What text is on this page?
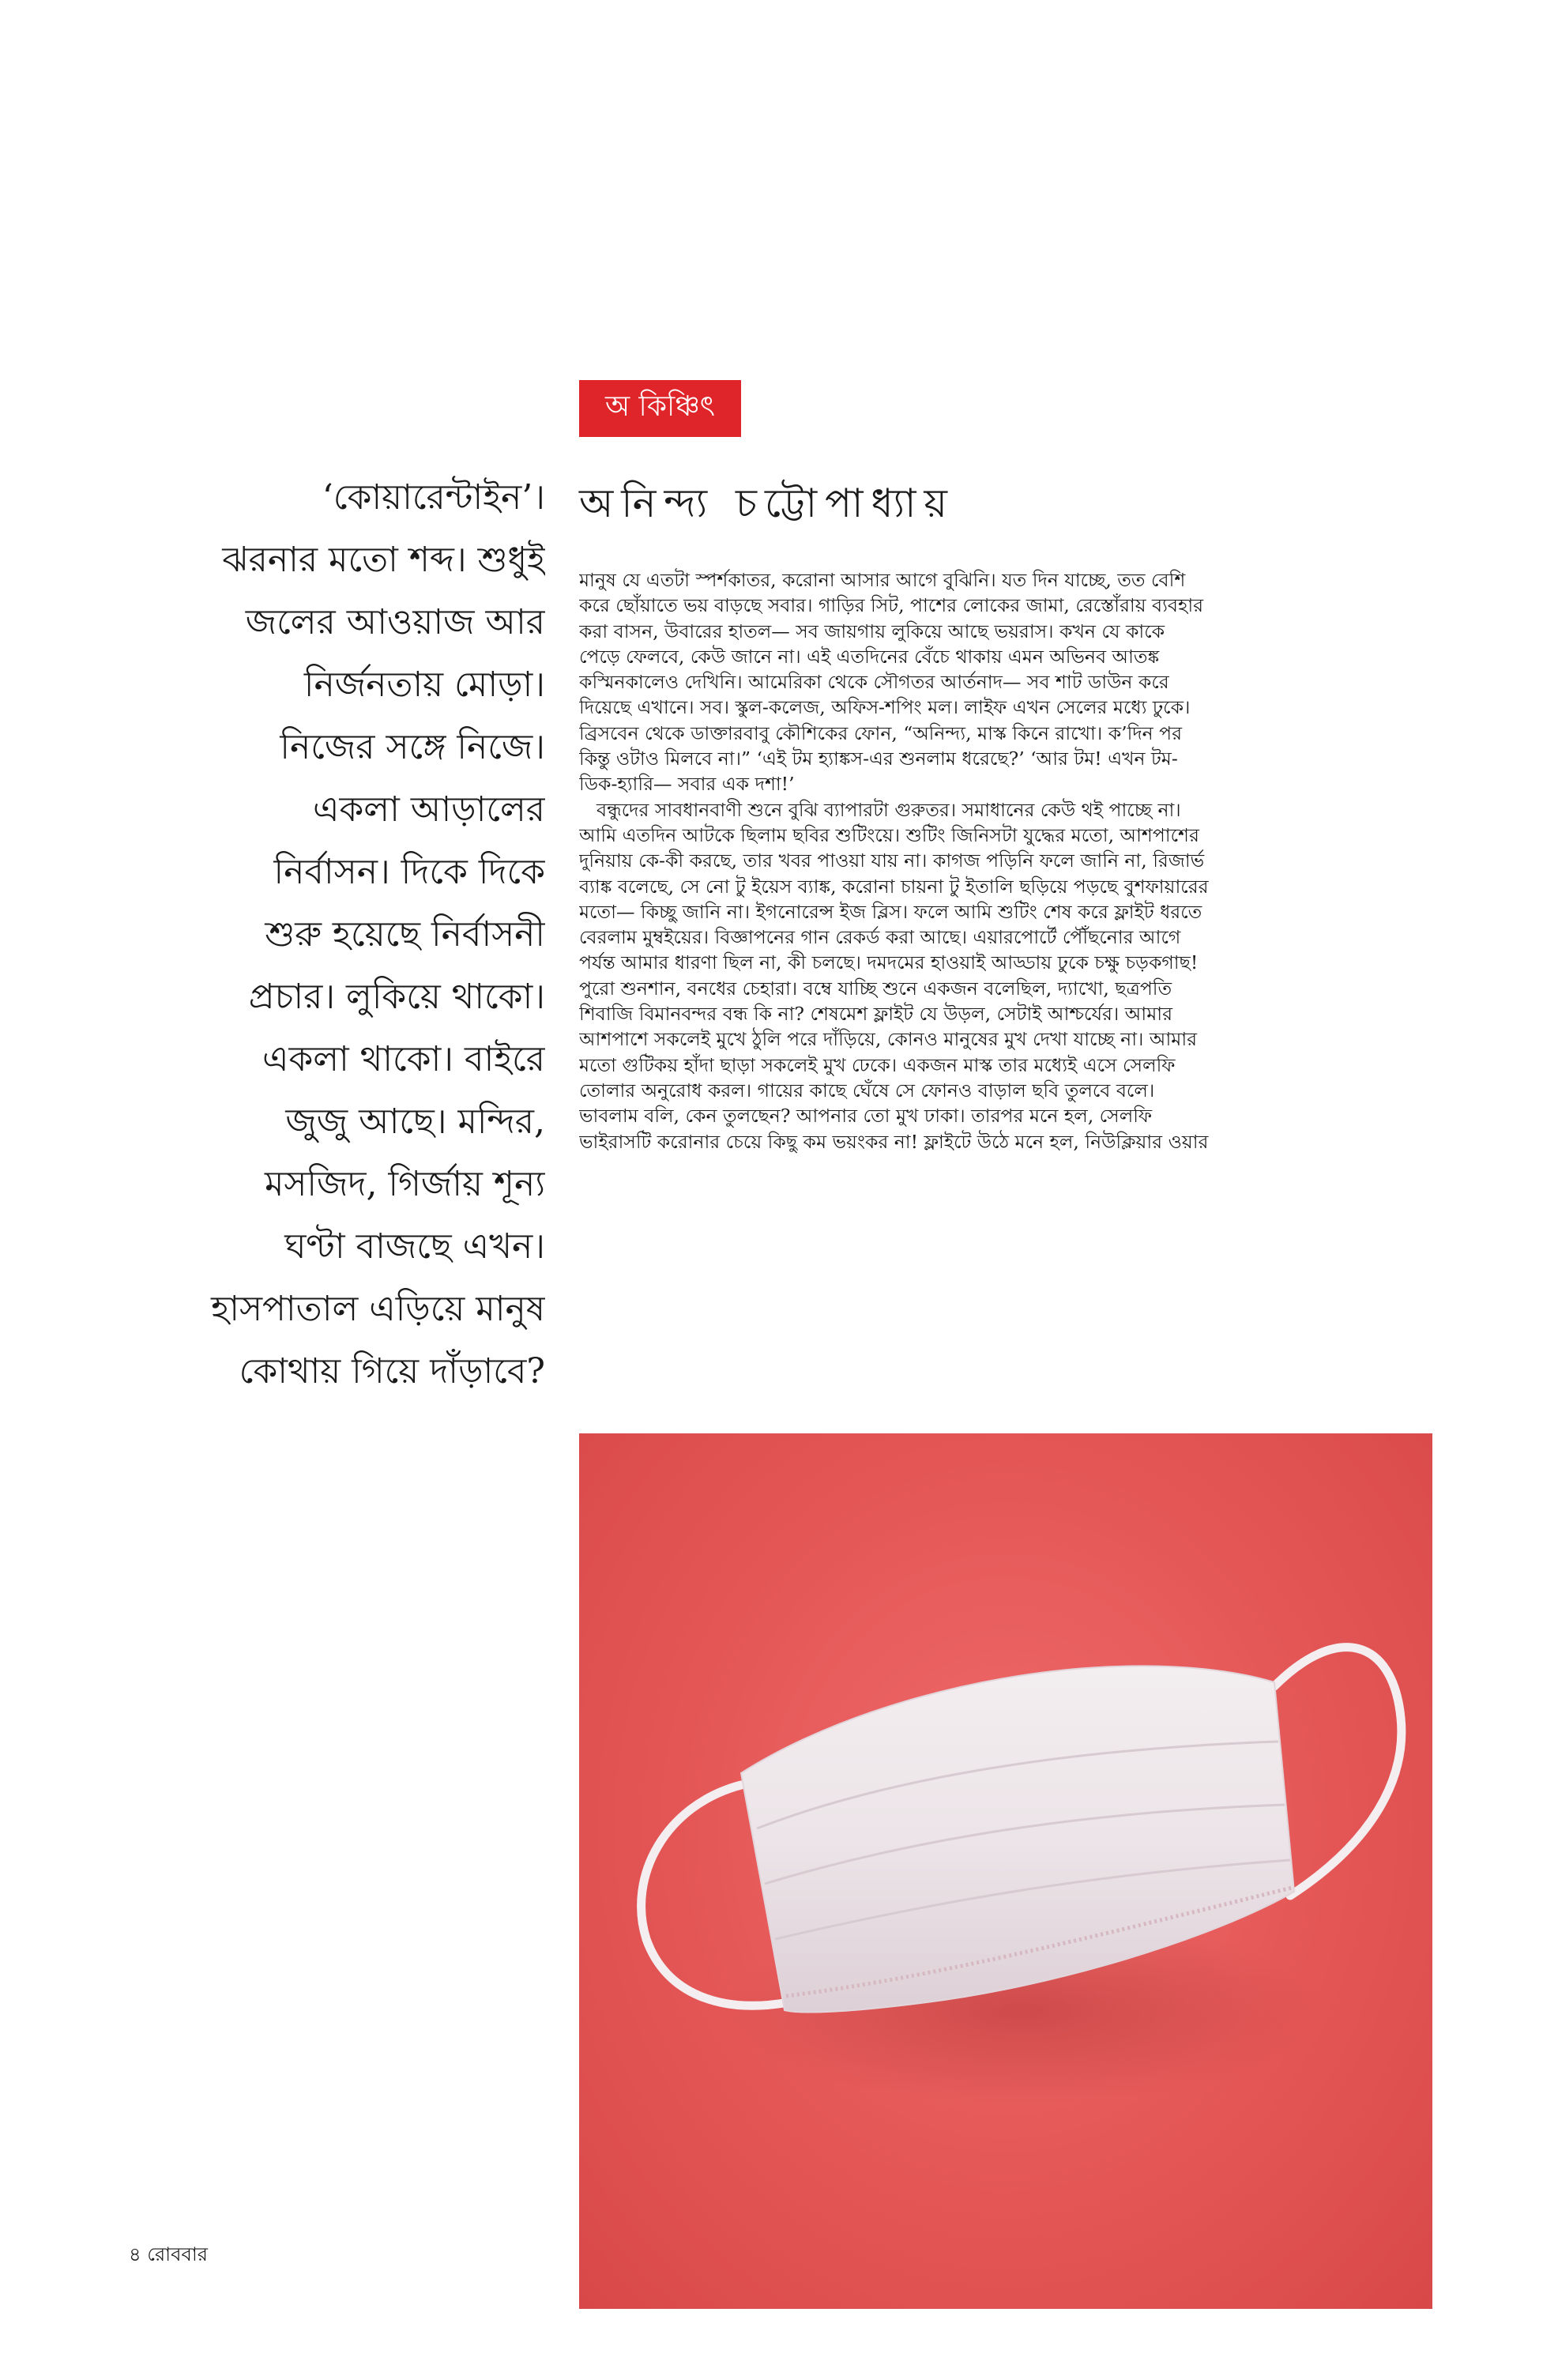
অ কিঞ্চিৎ
অনিন্দ্য চট্টোপাধ্যায়
‘কোয়ারেন্টাইন’।
ঝরনার মতো শব্দ। শুধুই
জলের আওয়াজ আর
নির্জনতায় মোড়া।
নিজের সঙ্গে নিজে।
একলা আড়ালের
নির্বাসন। দিকে দিকে
শুরু হয়েছে নির্বাসনী
প্রচার। লুকিয়ে থাকো।
একলা থাকো। বাইরে
জুজু আছে। মন্দির,
মসজিদ, গির্জায় শূন্য
ঘণ্টা বাজছে এখন।
হাসপাতাল এড়িয়ে মানুষ
কোথায় গিয়ে দাঁড়াবে?
মানুষ যে এতটা স্পর্শকাতর, করোনা আসার আগে বুঝিনি। যত দিন যাচ্ছে, তত বেশি
করে ছোঁয়াতে ভয় বাড়ছে সবার। গাড়ির সিট, পাশের লোকের জামা, রেস্তোঁরায় ব্যবহার
করা বাসন, উবারের হাতল— সব জায়গায় লুকিয়ে আছে ভয়রাস। কখন যে কাকে
পেড়ে ফেলবে, কেউ জানে না। এই এতদিনের বেঁচে থাকায় এমন অভিনব আতঙ্ক
কস্মিনকালেও দেখিনি। আমেরিকা থেকে সৌগতর আর্তনাদ— সব শাট ডাউন করে
দিয়েছে এখানে। সব। স্কুল-কলেজ, অফিস-শপিং মল। লাইফ এখন সেলের মধ্যে ঢুকে।
ব্রিসবেন থেকে ডাক্তারবাবু কৌশিকের ফোন, “অনিন্দ্য, মাস্ক কিনে রাখো। ক’দিন পর
কিন্তু ওটাও মিলবে না।” ‘এই টম হ্যাঙ্কস-এর শুনলাম ধরেছে?’ ‘আর টম! এখন টম-
ডিক-হ্যারি— সবার এক দশা!’
বন্ধুদের সাবধানবাণী শুনে বুঝি ব্যাপারটা গুরুতর। সমাধানের কেউ থই পাচ্ছে না।
আমি এতদিন আটকে ছিলাম ছবির শুটিংয়ে। শুটিং জিনিসটা যুদ্ধের মতো, আশপাশের
দুনিয়ায় কে-কী করছে, তার খবর পাওয়া যায় না। কাগজ পড়িনি ফলে জানি না, রিজার্ভ
ব্যাঙ্ক বলেছে, সে নো টু ইয়েস ব্যাঙ্ক, করোনা চায়না টু ইতালি ছড়িয়ে পড়ছে বুশফায়ারের
মতো— কিচ্ছু জানি না। ইগনোরেন্স ইজ ব্লিস। ফলে আমি শুটিং শেষ করে ফ্লাইট ধরতে
বেরলাম মুম্বইয়ের। বিজ্ঞাপনের গান রেকর্ড করা আছে। এয়ারপোর্টে পৌঁছনোর আগে
পর্যন্ত আমার ধারণা ছিল না, কী চলছে। দমদমের হাওয়াই আড্ডায় ঢুকে চক্ষু চড়কগাছ!
পুরো শুনশান, বনধের চেহারা। বম্বে যাচ্ছি শুনে একজন বলেছিল, দ্যাখো, ছত্রপতি
শিবাজি বিমানবন্দর বন্ধ কি না? শেষমেশ ফ্লাইট যে উড়ল, সেটাই আশ্চর্যের। আমার
আশপাশে সকলেই মুখে ঠুলি পরে দাঁড়িয়ে, কোনও মানুষের মুখ দেখা যাচ্ছে না। আমার
মতো গুটিকয় হাঁদা ছাড়া সকলেই মুখ ঢেকে। একজন মাস্ক তার মধ্যেই এসে সেলফি
তোলার অনুরোধ করল। গায়ের কাছে ঘেঁষে সে ফোনও বাড়াল ছবি তুলবে বলে।
ভাবলাম বলি, কেন তুলছেন? আপনার তো মুখ ঢাকা। তারপর মনে হল, সেলফি
ভাইরাসটি করোনার চেয়ে কিছু কম ভয়ংকর না! ফ্লাইটে উঠে মনে হল, নিউক্লিয়ার ওয়ার
৪ রোববার
